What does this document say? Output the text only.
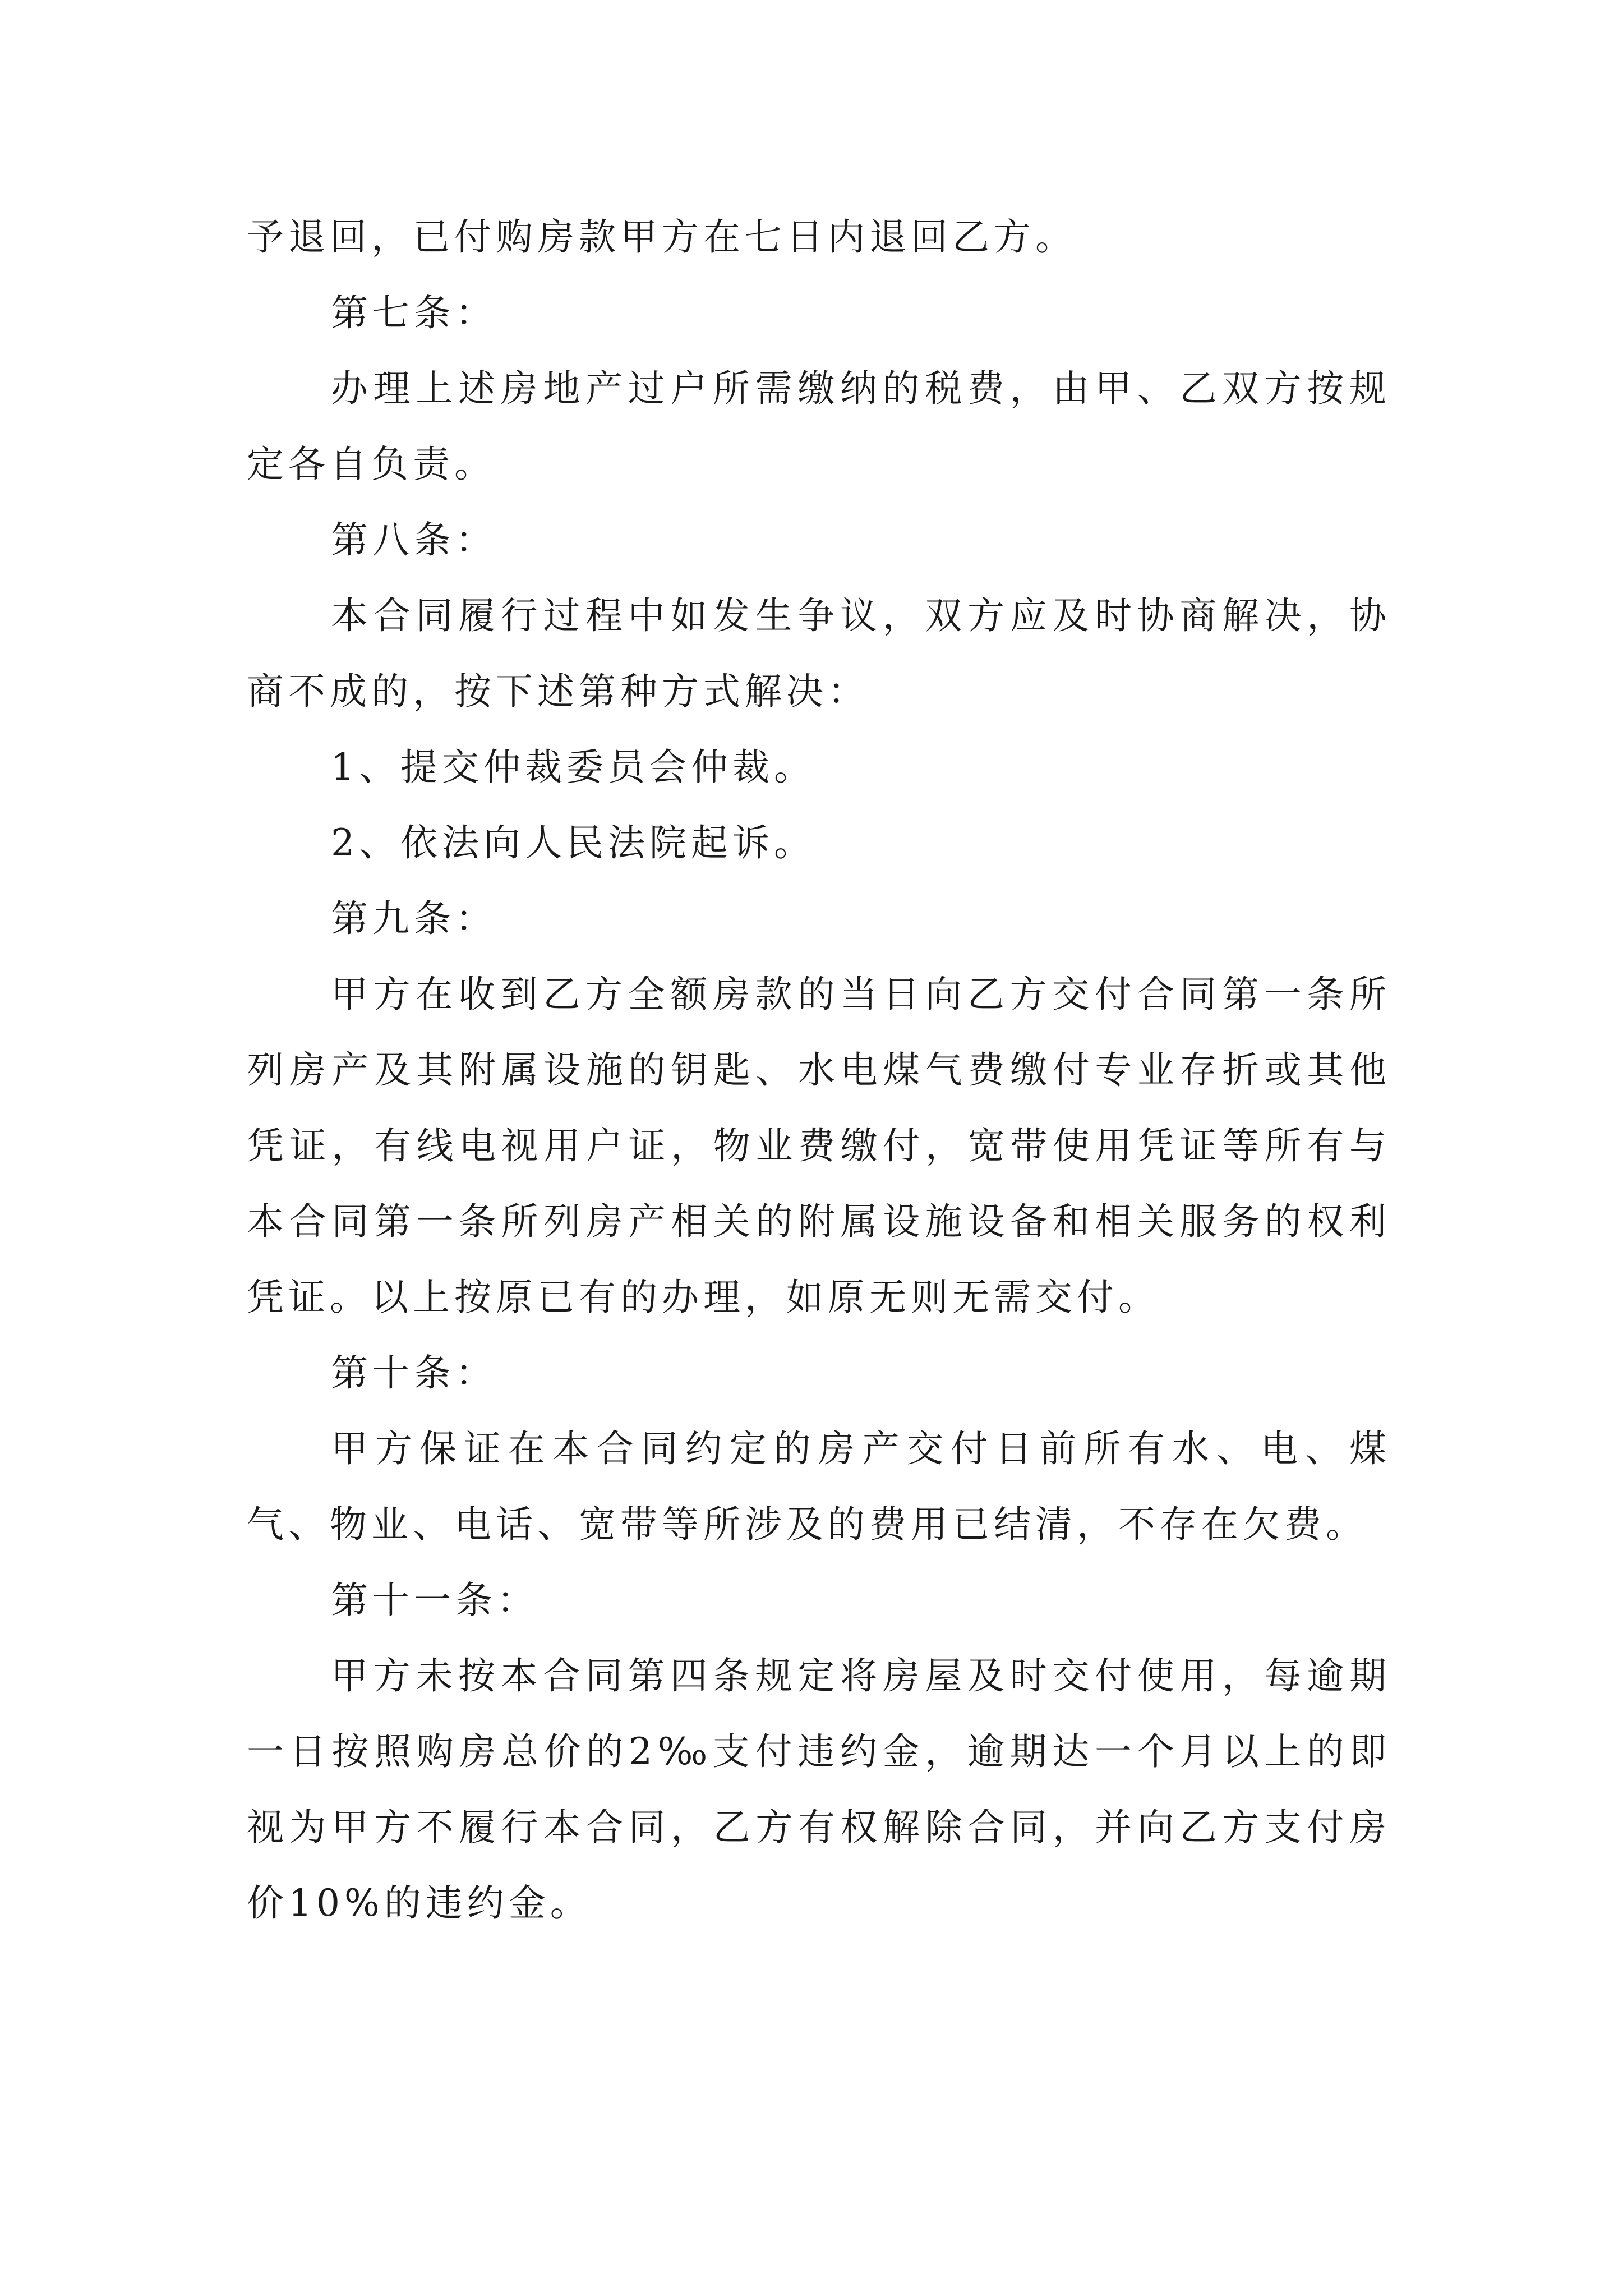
予退回，已付购房款甲方在七日内退回乙方。

第七条：

办理上述房地产过户所需缴纳的税费，由甲、乙双方按规定各自负责。

第八条：

本合同履行过程中如发生争议，双方应及时协商解决，协商不成的，按下述第种方式解决：

1、提交仲裁委员会仲裁。

2、依法向人民法院起诉。

第九条：

甲方在收到乙方全额房款的当日向乙方交付合同第一条所列房产及其附属设施的钥匙、水电煤气费缴付专业存折或其他凭证，有线电视用户证，物业费缴付，宽带使用凭证等所有与本合同第一条所列房产相关的附属设施设备和相关服务的权利凭证。以上按原已有的办理，如原无则无需交付。

第十条：

甲方保证在本合同约定的房产交付日前所有水、电、煤气、物业、电话、宽带等所涉及的费用已结清，不存在欠费。

第十一条：

甲方未按本合同第四条规定将房屋及时交付使用，每逾期一日按照购房总价的2‰支付违约金，逾期达一个月以上的即视为甲方不履行本合同，乙方有权解除合同，并向乙方支付房价10%的违约金。
